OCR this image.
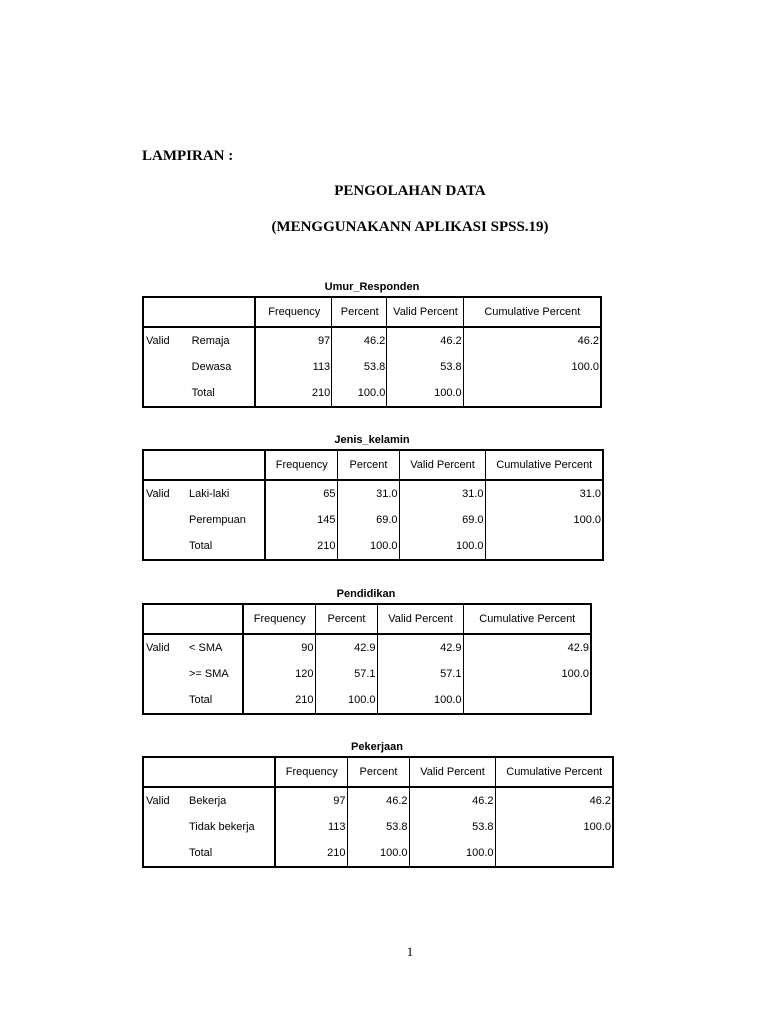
LAMPIRAN :
PENGOLAHAN DATA
(MENGGUNAKANN APLIKASI SPSS.19)
Umur_Responden
		Frequency	Percent	Valid Percent	Cumulative Percent
Valid	Remaja	97	46.2	46.2	46.2
	Dewasa	113	53.8	53.8	100.0
	Total	210	100.0	100.0	
Jenis_kelamin
		Frequency	Percent	Valid Percent	Cumulative Percent
Valid	Laki-laki	65	31.0	31.0	31.0
	Perempuan	145	69.0	69.0	100.0
	Total	210	100.0	100.0	
Pendidikan
		Frequency	Percent	Valid Percent	Cumulative Percent
Valid	< SMA	90	42.9	42.9	42.9
	>= SMA	120	57.1	57.1	100.0
	Total	210	100.0	100.0	
Pekerjaan
		Frequency	Percent	Valid Percent	Cumulative Percent
Valid	Bekerja	97	46.2	46.2	46.2
	Tidak bekerja	113	53.8	53.8	100.0
	Total	210	100.0	100.0	
1
